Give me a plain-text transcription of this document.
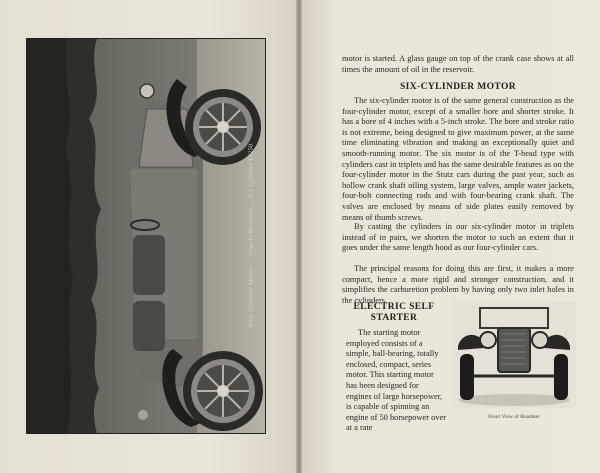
Four Cylinder Motor — Torpedo Roadster — Six Cylinder $2250
motor is started. A glass gauge on top of the crank case shows at all times the amount of oil in the reservoir.
SIX-CYLINDER MOTOR
The six-cylinder motor is of the same general construction as the four-cylinder motor, except of a smaller bore and shorter stroke. It has a bore of 4 inches with a 5-inch stroke. The bore and stroke ratio is not extreme, being designed to give maximum power, at the same time eliminating vibration and making an exceptionally quiet and smooth-running motor. The six motor is of the T-head type with cylinders cast in triplets and has the same desirable features as on the four-cylinder motor in the Stutz cars during the past year, such as hollow crank shaft oiling system, large valves, ample water jackets, four-bolt connecting rods and with four-bearing crank shaft. The valves are enclosed by means of side plates easily removed by means of thumb screws.
By casting the cylinders in our six-cylinder motor in triplets instead of in pairs, we shorten the motor to such an extent that it goes under the same length hood as our four-cylinder cars.
The principal reasons for doing this are first, it makes a more compact, hence a more rigid and stronger construction, and it simplifies the carburetion problem by having only two inlet holes in the cylinders.
ELECTRIC SELF STARTER
The starting motor employed consists of a simple, ball-bearing, totally enclosed, compact, series motor. This starting motor has been designed for engines of large horsepower, is capable of spinning an engine of 50 horsepower over at a rate
Front View of Roadster
